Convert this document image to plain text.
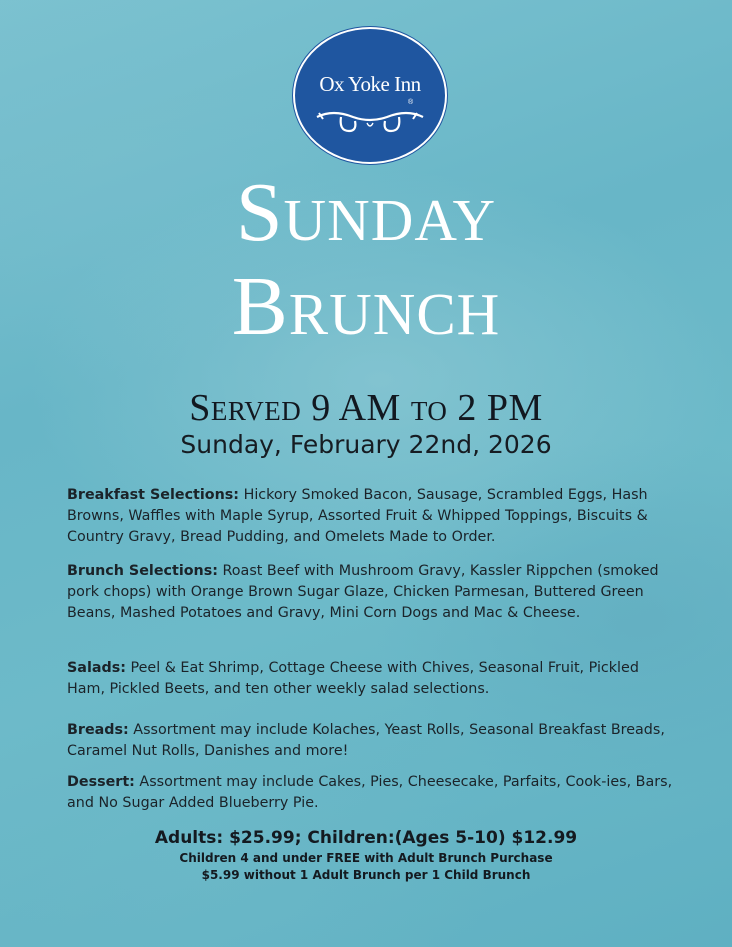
Ox Yoke Inn
®
Sunday
Brunch
Served 9 AM to 2 PM
Sunday, February 22nd, 2026
Breakfast Selections: Hickory Smoked Bacon, Sausage, Scrambled Eggs, Hash Browns, Waffles with Maple Syrup, Assorted Fruit & Whipped Toppings, Biscuits & Country Gravy, Bread Pudding, and Omelets Made to Order.
Brunch Selections: Roast Beef with Mushroom Gravy, Kassler Rippchen (smoked pork chops) with Orange Brown Sugar Glaze, Chicken Parmesan, Buttered Green Beans, Mashed Potatoes and Gravy, Mini Corn Dogs and Mac & Cheese.
Salads: Peel & Eat Shrimp, Cottage Cheese with Chives, Seasonal Fruit, Pickled Ham, Pickled Beets, and ten other weekly salad selections.
Breads: Assortment may include Kolaches, Yeast Rolls, Seasonal Breakfast Breads, Caramel Nut Rolls, Danishes and more!
Dessert: Assortment may include Cakes, Pies, Cheesecake, Parfaits, Cook-ies, Bars, and No Sugar Added Blueberry Pie.
Adults: $25.99; Children:(Ages 5-10) $12.99
Children 4 and under FREE with Adult Brunch Purchase
$5.99 without 1 Adult Brunch per 1 Child Brunch
